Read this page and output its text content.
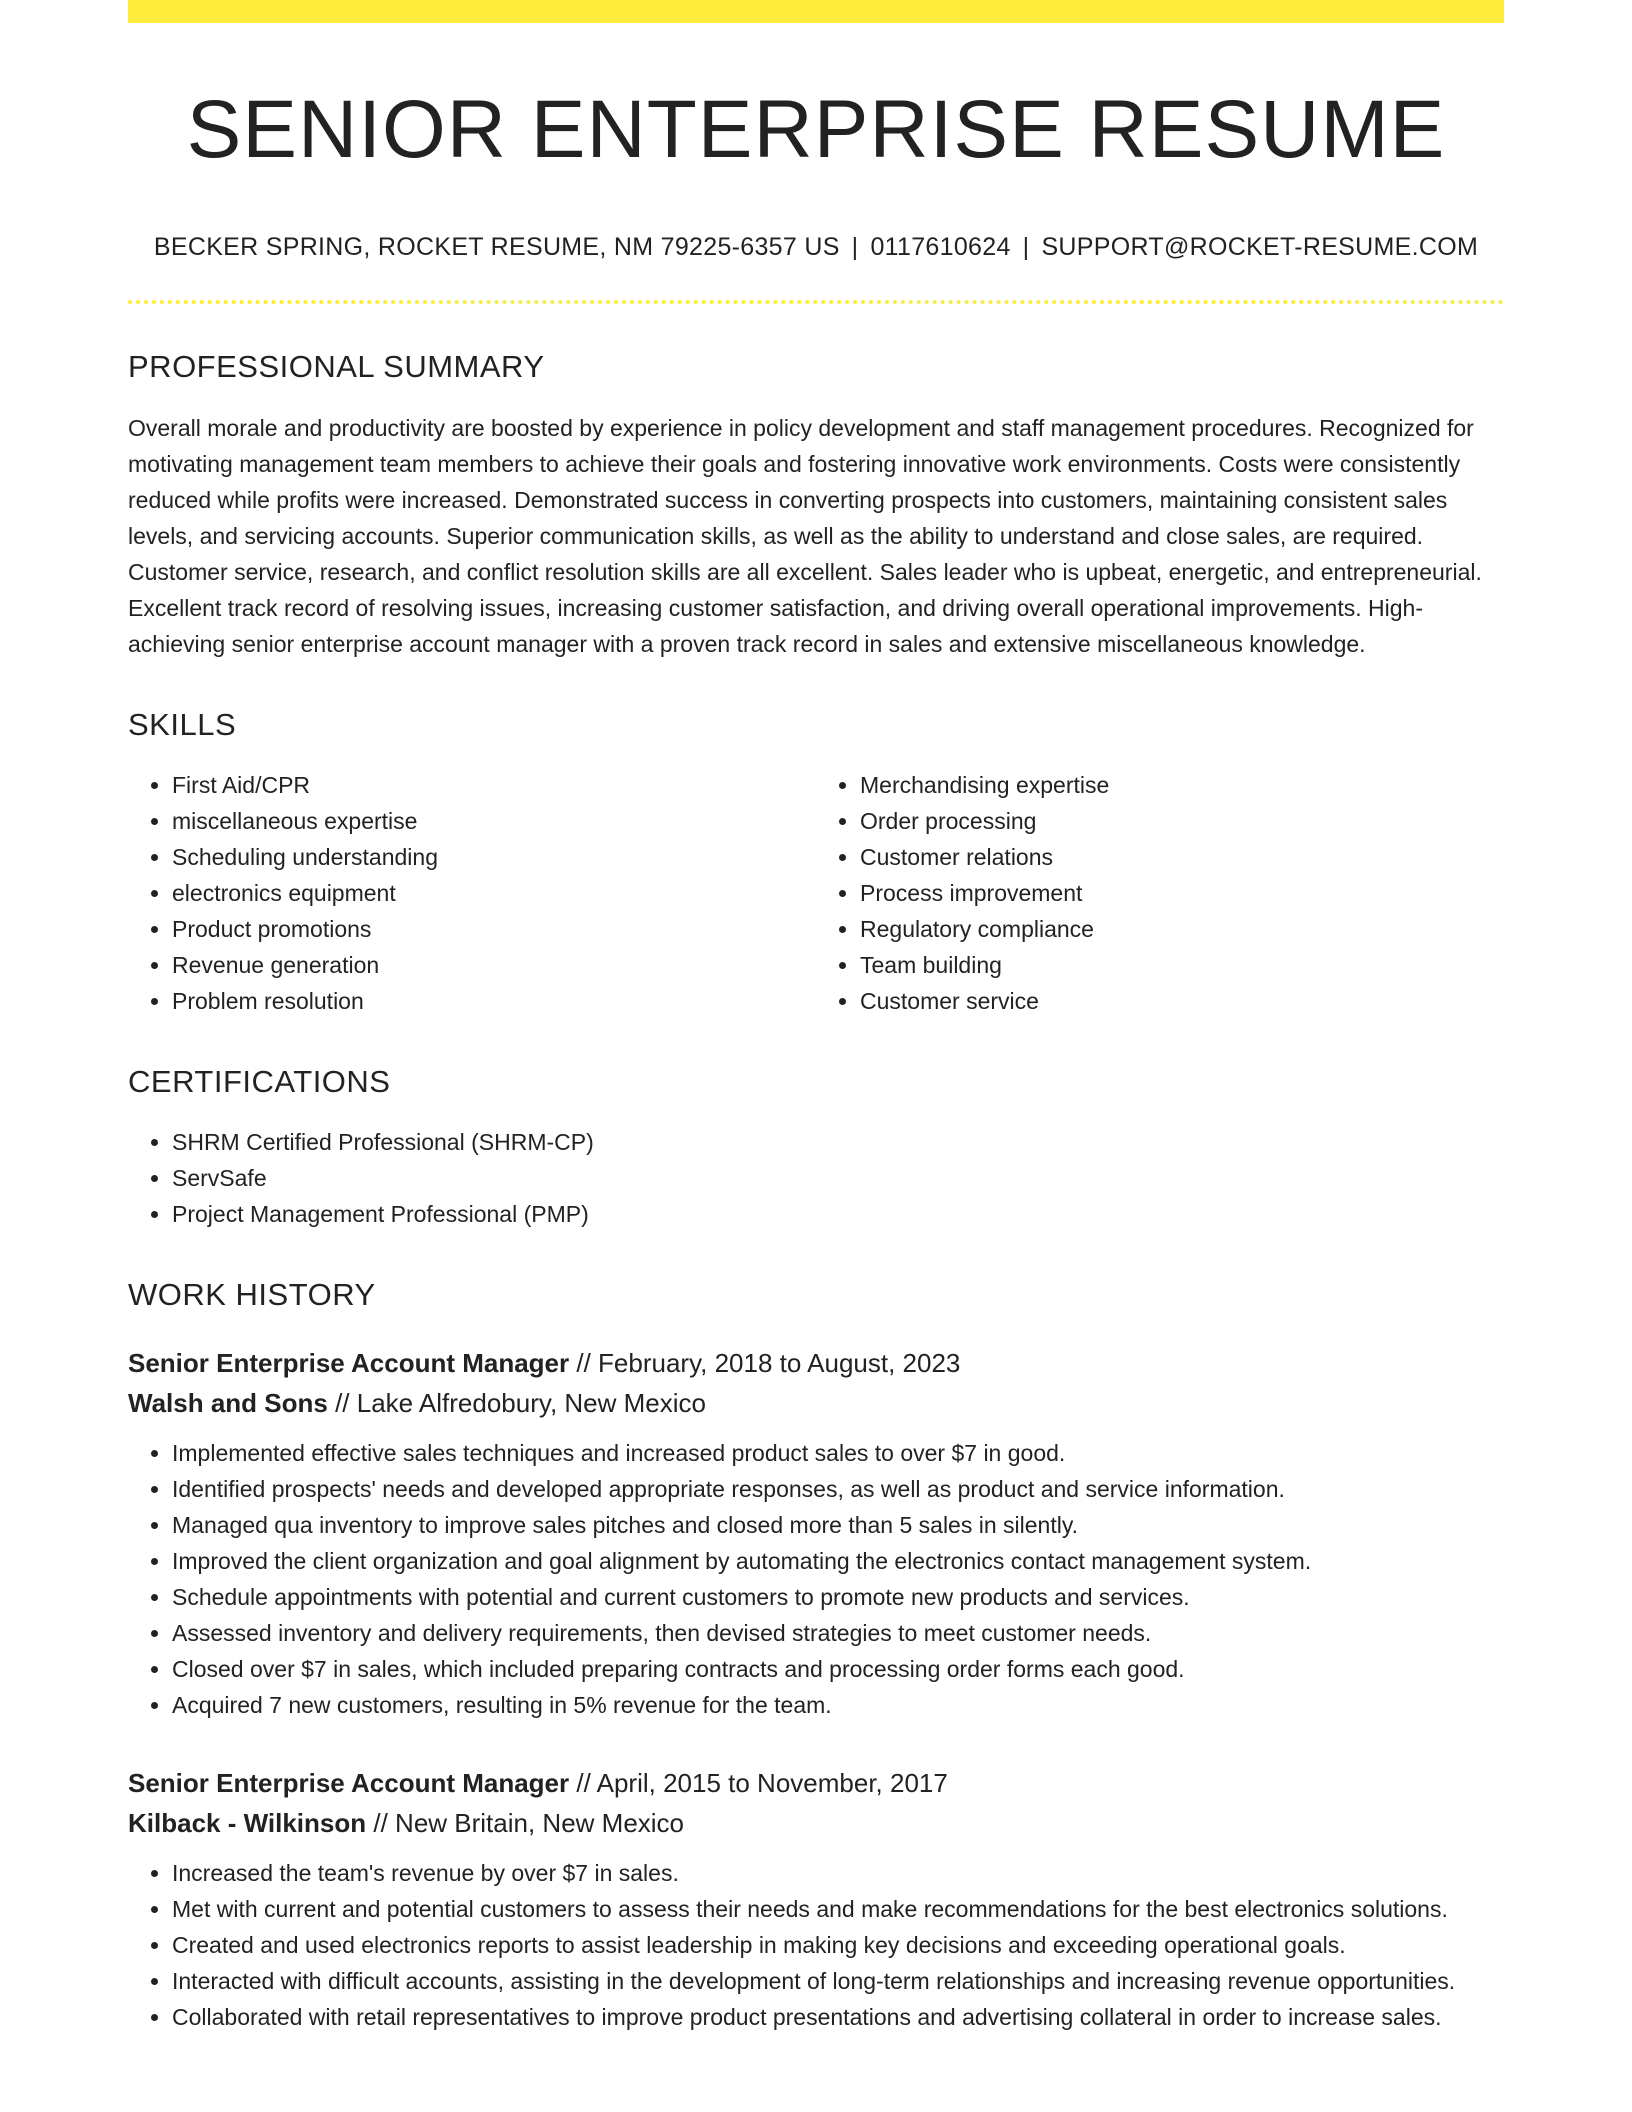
SENIOR ENTERPRISE RESUME
BECKER SPRING, ROCKET RESUME, NM 79225-6357 US | 0117610624 | SUPPORT@ROCKET-RESUME.COM
PROFESSIONAL SUMMARY

Overall morale and productivity are boosted by experience in policy development and staff management procedures. Recognized for motivating management team members to achieve their goals and fostering innovative work environments. Costs were consistently reduced while profits were increased. Demonstrated success in converting prospects into customers, maintaining consistent sales levels, and servicing accounts. Superior communication skills, as well as the ability to understand and close sales, are required. Customer service, research, and conflict resolution skills are all excellent. Sales leader who is upbeat, energetic, and entrepreneurial. Excellent track record of resolving issues, increasing customer satisfaction, and driving overall operational improvements. High-achieving senior enterprise account manager with a proven track record in sales and extensive miscellaneous knowledge.

SKILLS
• First Aid/CPR
• miscellaneous expertise
• Scheduling understanding
• electronics equipment
• Product promotions
• Revenue generation
• Problem resolution
• Merchandising expertise
• Order processing
• Customer relations
• Process improvement
• Regulatory compliance
• Team building
• Customer service
CERTIFICATIONS
• SHRM Certified Professional (SHRM-CP)
• ServSafe
• Project Management Professional (PMP)
WORK HISTORY
Senior Enterprise Account Manager // February, 2018 to August, 2023
Walsh and Sons // Lake Alfredobury, New Mexico
• Implemented effective sales techniques and increased product sales to over $7 in good.
• Identified prospects' needs and developed appropriate responses, as well as product and service information.
• Managed qua inventory to improve sales pitches and closed more than 5 sales in silently.
• Improved the client organization and goal alignment by automating the electronics contact management system.
• Schedule appointments with potential and current customers to promote new products and services.
• Assessed inventory and delivery requirements, then devised strategies to meet customer needs.
• Closed over $7 in sales, which included preparing contracts and processing order forms each good.
• Acquired 7 new customers, resulting in 5% revenue for the team.
Senior Enterprise Account Manager // April, 2015 to November, 2017
Kilback - Wilkinson // New Britain, New Mexico
• Increased the team's revenue by over $7 in sales.
• Met with current and potential customers to assess their needs and make recommendations for the best electronics solutions.
• Created and used electronics reports to assist leadership in making key decisions and exceeding operational goals.
• Interacted with difficult accounts, assisting in the development of long-term relationships and increasing revenue opportunities.
• Collaborated with retail representatives to improve product presentations and advertising collateral in order to increase sales.
